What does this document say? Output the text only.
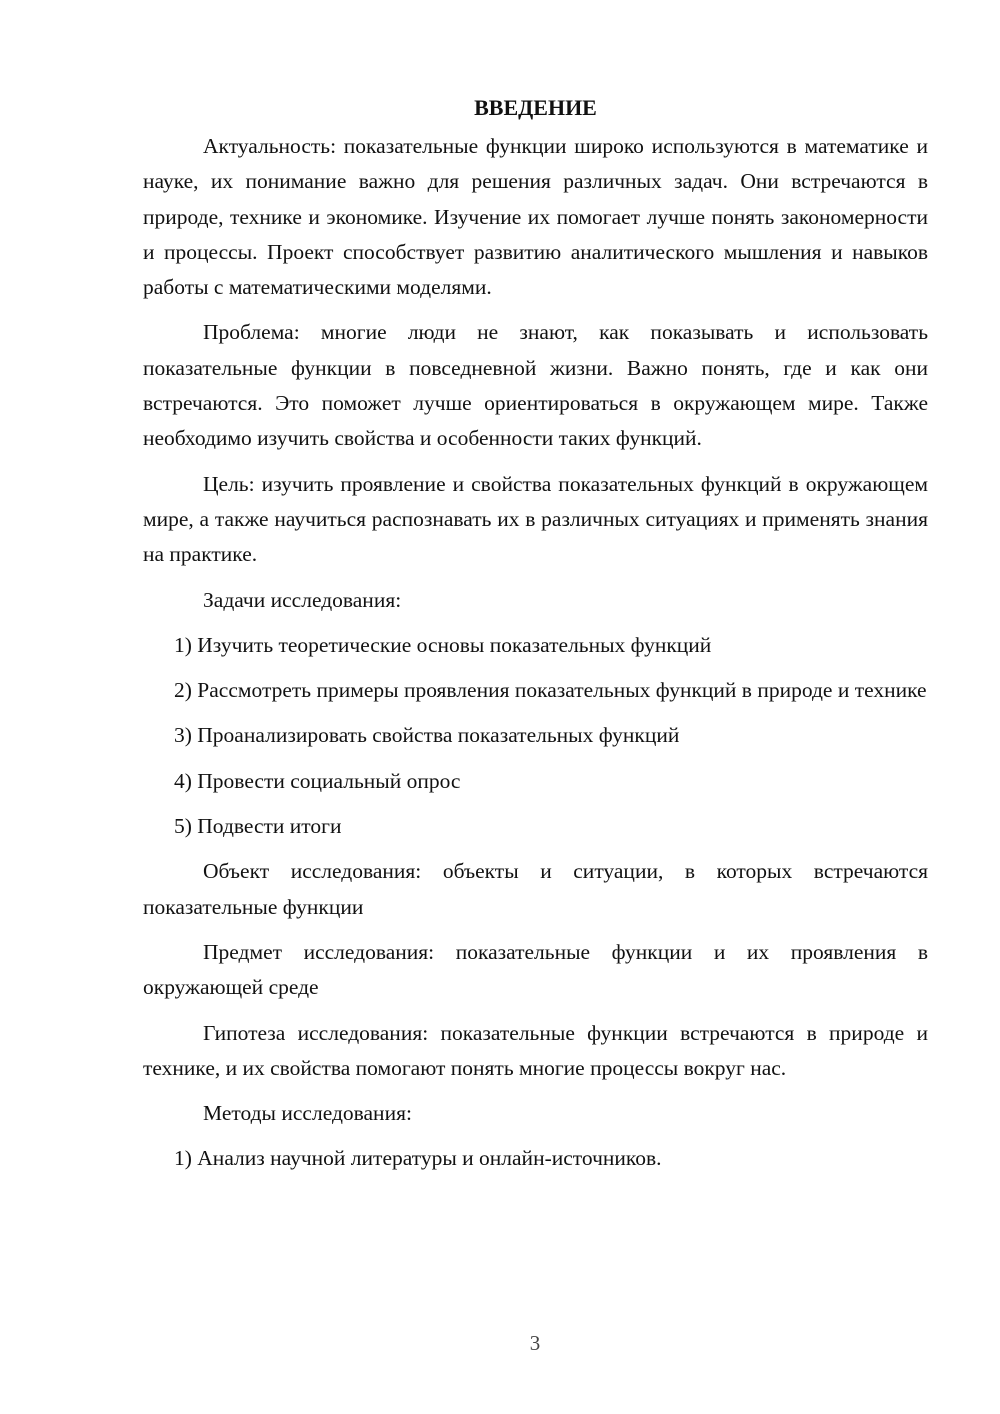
ВВЕДЕНИЕ

Актуальность: показательные функции широко используются в математике и науке, их понимание важно для решения различных задач. Они встречаются в природе, технике и экономике. Изучение их помогает лучше понять закономерности и процессы. Проект способствует развитию аналитического мышления и навыков работы с математическими моделями.

Проблема: многие люди не знают, как показывать и использовать показательные функции в повседневной жизни. Важно понять, где и как они встречаются. Это поможет лучше ориентироваться в окружающем мире. Также необходимо изучить свойства и особенности таких функций.

Цель: изучить проявление и свойства показательных функций в окружающем мире, а также научиться распознавать их в различных ситуациях и применять знания на практике.

Задачи исследования:

1) Изучить теоретические основы показательных функций

2) Рассмотреть примеры проявления показательных функций в природе и технике

3) Проанализировать свойства показательных функций

4) Провести социальный опрос

5) Подвести итоги

Объект исследования: объекты и ситуации, в которых встречаются показательные функции

Предмет исследования: показательные функции и их проявления в окружающей среде

Гипотеза исследования: показательные функции встречаются в природе и технике, и их свойства помогают понять многие процессы вокруг нас.

Методы исследования:

1) Анализ научной литературы и онлайн-источников.

3
